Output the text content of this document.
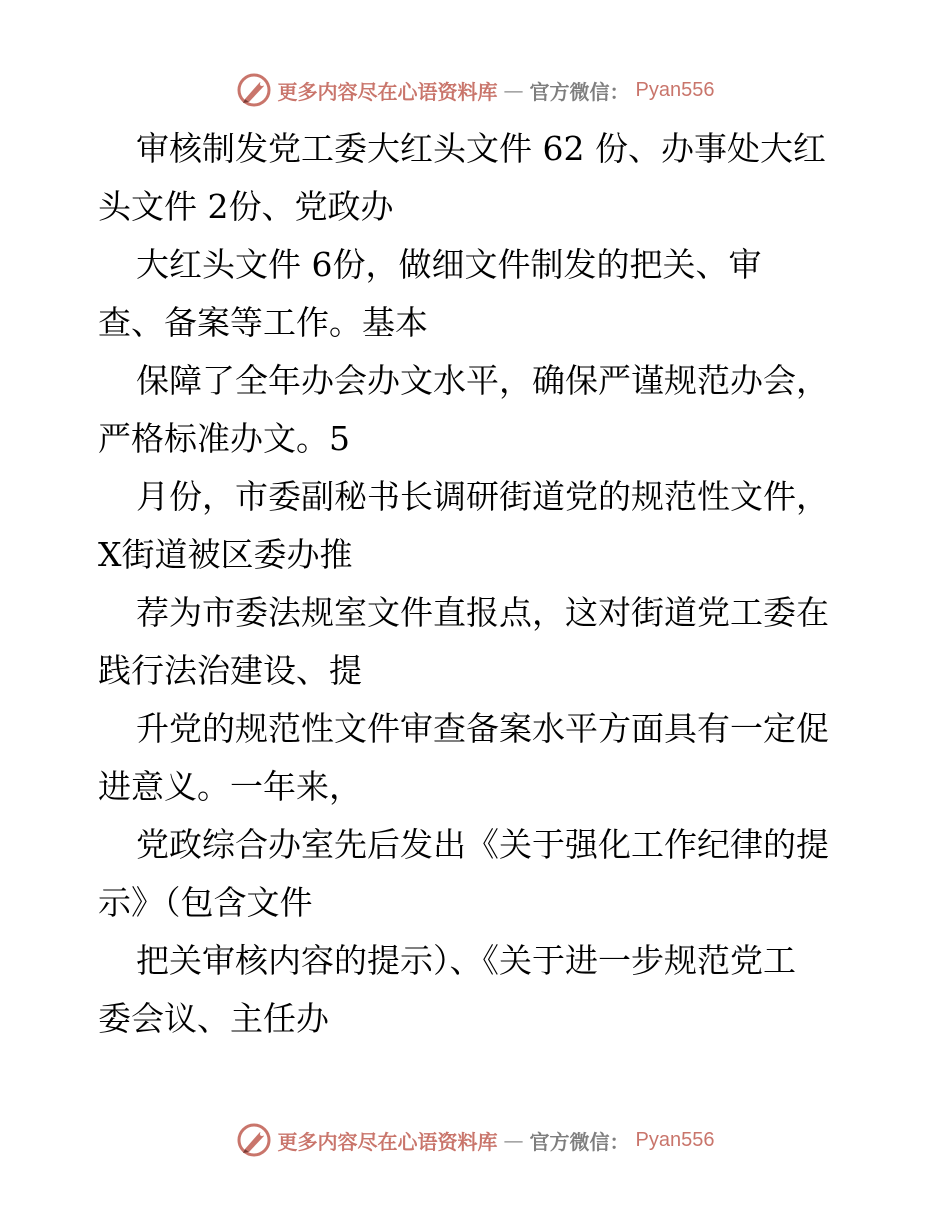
更多内容尽在心语资料库 — 官方微信： Pyan556
审核制发党工委大红头文件 62 份、办事处大红
头文件 2份、党政办
大红头文件 6份，做细文件制发的把关、审
查、备案等工作。基本
保障了全年办会办文水平，确保严谨规范办会，
严格标准办文。5
月份，市委副秘书长调研街道党的规范性文件，
X街道被区委办推
荐为市委法规室文件直报点，这对街道党工委在
践行法治建设、提
升党的规范性文件审查备案水平方面具有一定促
进意义。一年来，
党政综合办室先后发出《关于强化工作纪律的提
示》（包含文件
把关审核内容的提示）、《关于进一步规范党工
委会议、主任办
更多内容尽在心语资料库 — 官方微信： Pyan556
